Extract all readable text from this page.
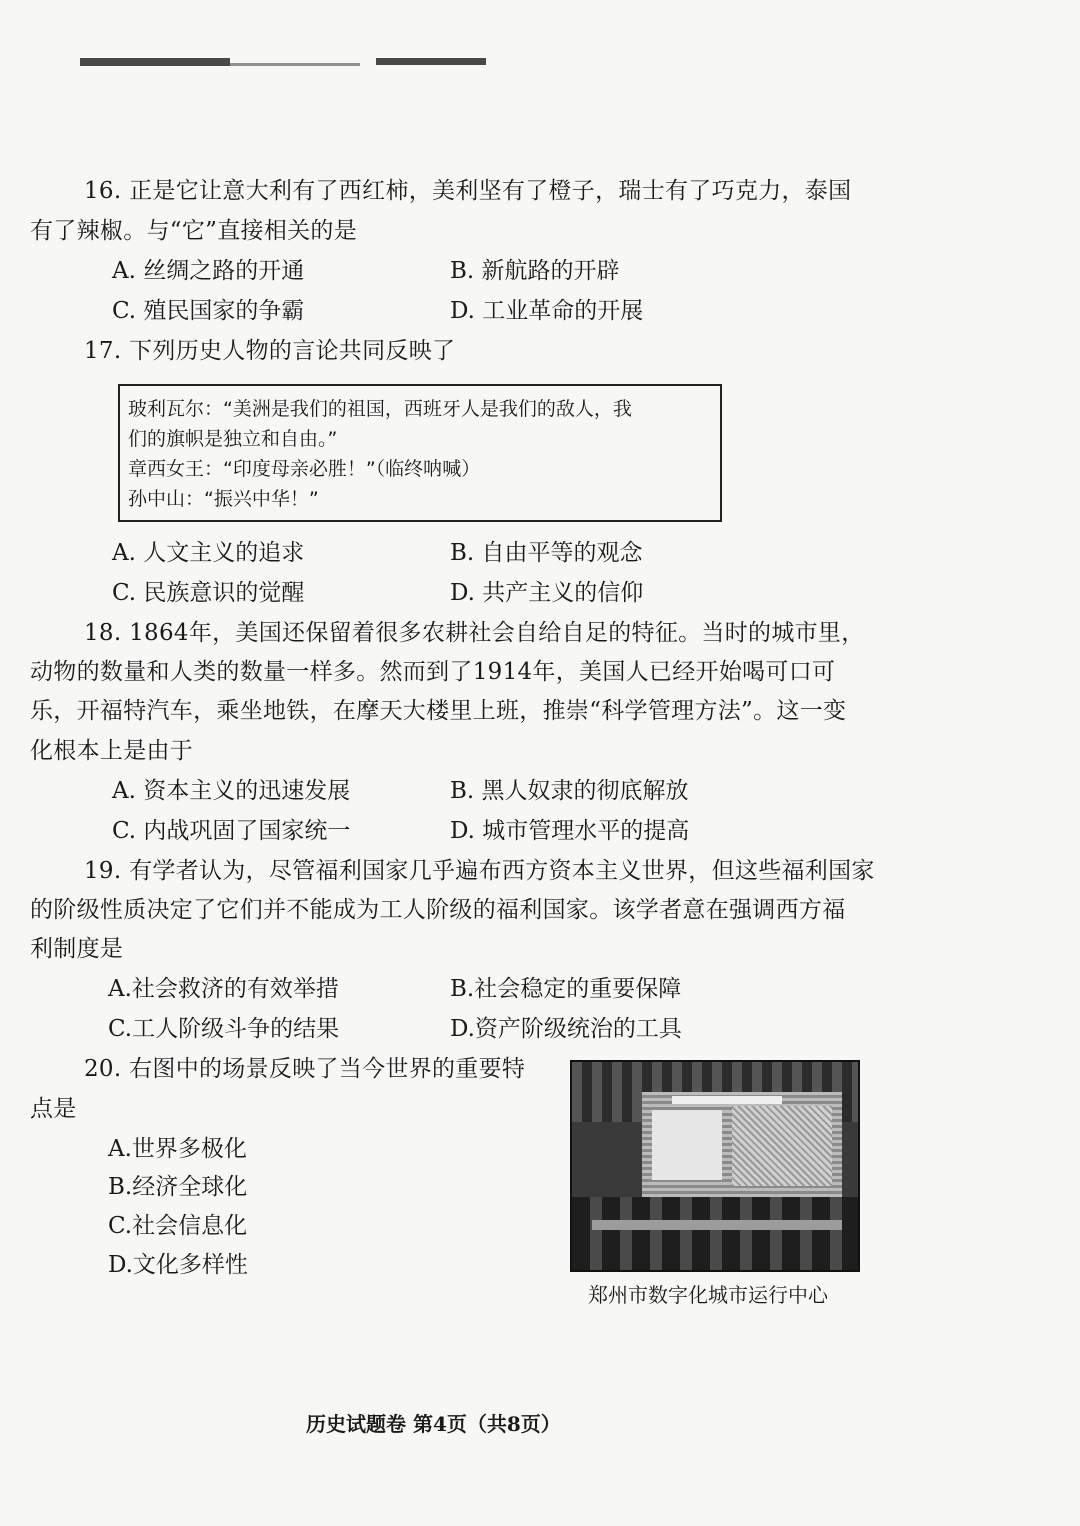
16. 正是它让意大利有了西红柿，美利坚有了橙子，瑞士有了巧克力，泰国
有了辣椒。与“它”直接相关的是
A. 丝绸之路的开通	B. 新航路的开辟
C. 殖民国家的争霸	D. 工业革命的开展
17. 下列历史人物的言论共同反映了
玻利瓦尔：“美洲是我们的祖国，西班牙人是我们的敌人，我
们的旗帜是独立和自由。”
章西女王：“印度母亲必胜！”（临终呐喊）
孙中山：“振兴中华！”
A. 人文主义的追求	B. 自由平等的观念
C. 民族意识的觉醒	D. 共产主义的信仰
18. 1864年，美国还保留着很多农耕社会自给自足的特征。当时的城市里，
动物的数量和人类的数量一样多。然而到了1914年，美国人已经开始喝可口可
乐，开福特汽车，乘坐地铁，在摩天大楼里上班，推崇“科学管理方法”。这一变
化根本上是由于
A. 资本主义的迅速发展	B. 黑人奴隶的彻底解放
C. 内战巩固了国家统一	D. 城市管理水平的提高
19. 有学者认为，尽管福利国家几乎遍布西方资本主义世界，但这些福利国家
的阶级性质决定了它们并不能成为工人阶级的福利国家。该学者意在强调西方福
利制度是
A.社会救济的有效举措	B.社会稳定的重要保障
C.工人阶级斗争的结果	D.资产阶级统治的工具
20. 右图中的场景反映了当今世界的重要特
点是
A.世界多极化
B.经济全球化
C.社会信息化
D.文化多样性
郑州市数字化城市运行中心
历史试题卷 第4页（共8页）
